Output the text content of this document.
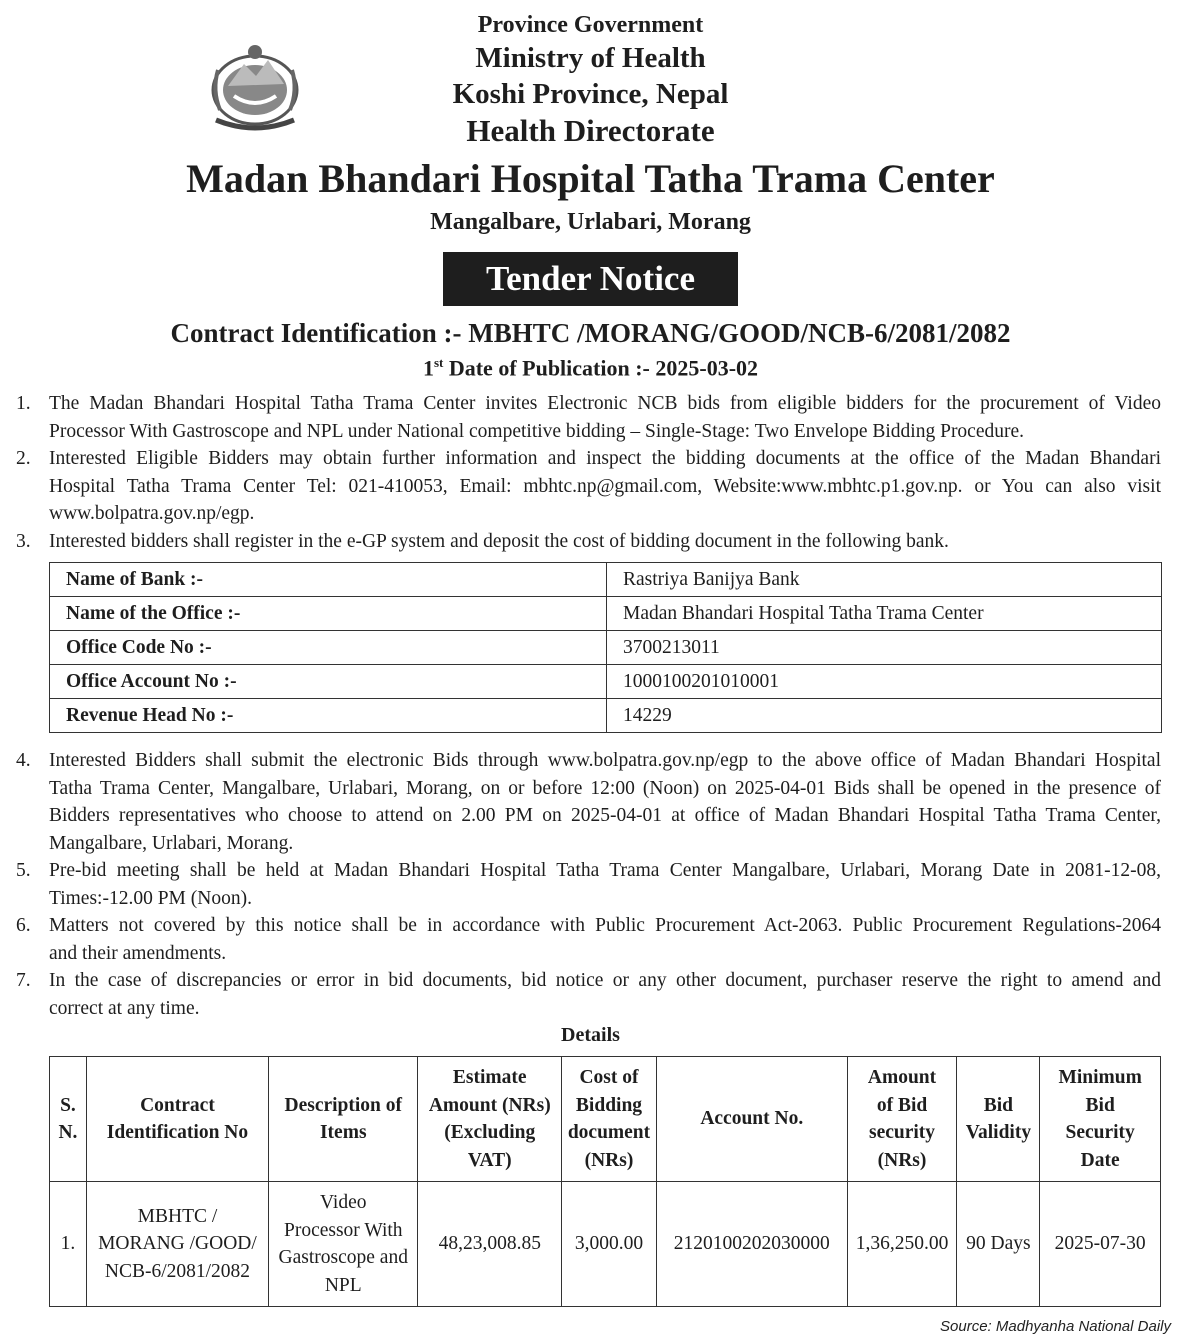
Province Government
Ministry of Health
Koshi Province, Nepal
Health Directorate
Madan Bhandari Hospital Tatha Trama Center
Mangalbare, Urlabari, Morang
Tender Notice
Contract Identification :- MBHTC /MORANG/GOOD/NCB-6/2081/2082
1st Date of Publication :- 2025-03-02
1. The Madan Bhandari Hospital Tatha Trama Center invites Electronic NCB bids from eligible bidders for the procurement of Video
Processor With Gastroscope and NPL under National competitive bidding – Single-Stage: Two Envelope Bidding Procedure.
2. Interested Eligible Bidders may obtain further information and inspect the bidding documents at the office of the Madan Bhandari
Hospital Tatha Trama Center Tel: 021-410053, Email: mbhtc.np@gmail.com, Website:www.mbhtc.p1.gov.np. or You can also visit
www.bolpatra.gov.np/egp.
3. Interested bidders shall register in the e-GP system and deposit the cost of bidding document in the following bank.
4. Interested Bidders shall submit the electronic Bids through www.bolpatra.gov.np/egp to the above office of Madan Bhandari Hospital
Tatha Trama Center, Mangalbare, Urlabari, Morang, on or before 12:00 (Noon) on 2025-04-01 Bids shall be opened in the presence of
Bidders representatives who choose to attend on 2.00 PM on 2025-04-01 at office of Madan Bhandari Hospital Tatha Trama Center,
Mangalbare, Urlabari, Morang.
5. Pre-bid meeting shall be held at Madan Bhandari Hospital Tatha Trama Center Mangalbare, Urlabari, Morang Date in 2081-12-08,
Times:-12.00 PM (Noon).
6. Matters not covered by this notice shall be in accordance with Public Procurement Act-2063. Public Procurement Regulations-2064
and their amendments.
7. In the case of discrepancies or error in bid documents, bid notice or any other document, purchaser reserve the right to amend and
correct at any time.
Name of Bank :-	Rastriya Banijya Bank
Name of the Office :-	Madan Bhandari Hospital Tatha Trama Center
Office Code No :-	3700213011
Office Account No :-	1000100201010001
Revenue Head No :-	14229
Details
S.
N.	Contract
Identification No	Description of
Items	Estimate
Amount (NRs)
(Excluding
VAT)	Cost of
Bidding
document
(NRs)	Account No.	Amount
of Bid
security
(NRs)	Bid
Validity	Minimum
Bid
Security
Date
1.	MBHTC /
MORANG /GOOD/
NCB-6/2081/2082	Video
Processor With
Gastroscope and
NPL	48,23,008.85	3,000.00	2120100202030000	1,36,250.00	90 Days	2025-07-30
Source: Madhyanha National Daily
